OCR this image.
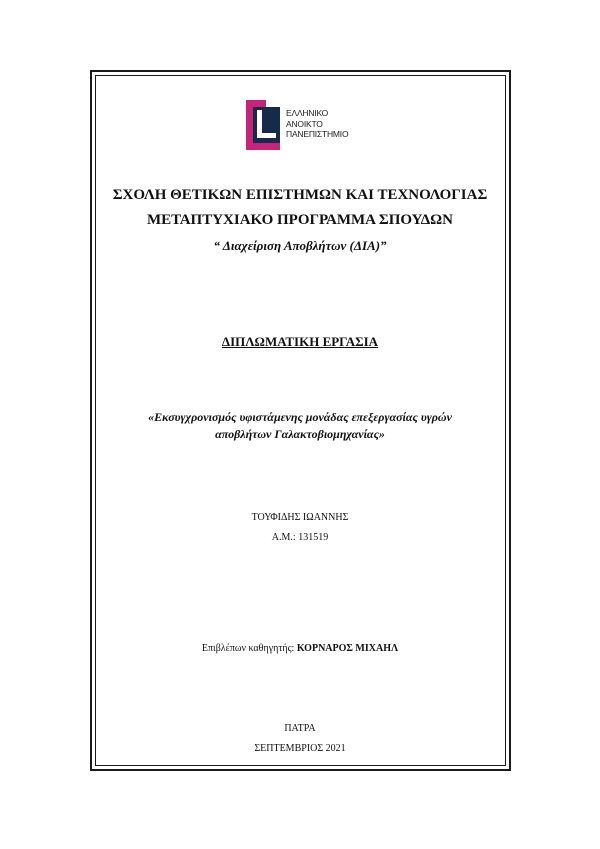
ΕΛΛΗΝΙΚΟ
ΑΝΟΙΚΤΟ
ΠΑΝΕΠΙΣΤΗΜΙΟ
ΣΧΟΛΗ ΘΕΤΙΚΩΝ ΕΠΙΣΤΗΜΩΝ ΚΑΙ ΤΕΧΝΟΛΟΓΙΑΣ
ΜΕΤΑΠΤΥΧΙΑΚΟ ΠΡΟΓΡΑΜΜΑ ΣΠΟΥΔΩΝ
“ Διαχείριση Αποβλήτων (ΔΙΑ)”
ΔΙΠΛΩΜΑΤΙΚΗ ΕΡΓΑΣΙΑ
«Εκσυγχρονισμός υφιστάμενης μονάδας επεξεργασίας υγρών
αποβλήτων Γαλακτοβιομηχανίας»
ΤΟΥΦΙΔΗΣ ΙΩΑΝΝΗΣ
Α.Μ.: 131519
Επιβλέπων καθηγητής: ΚΟΡΝΑΡΟΣ ΜΙΧΑΗΛ
ΠΑΤΡΑ
ΣΕΠΤΕΜΒΡΙΟΣ 2021
